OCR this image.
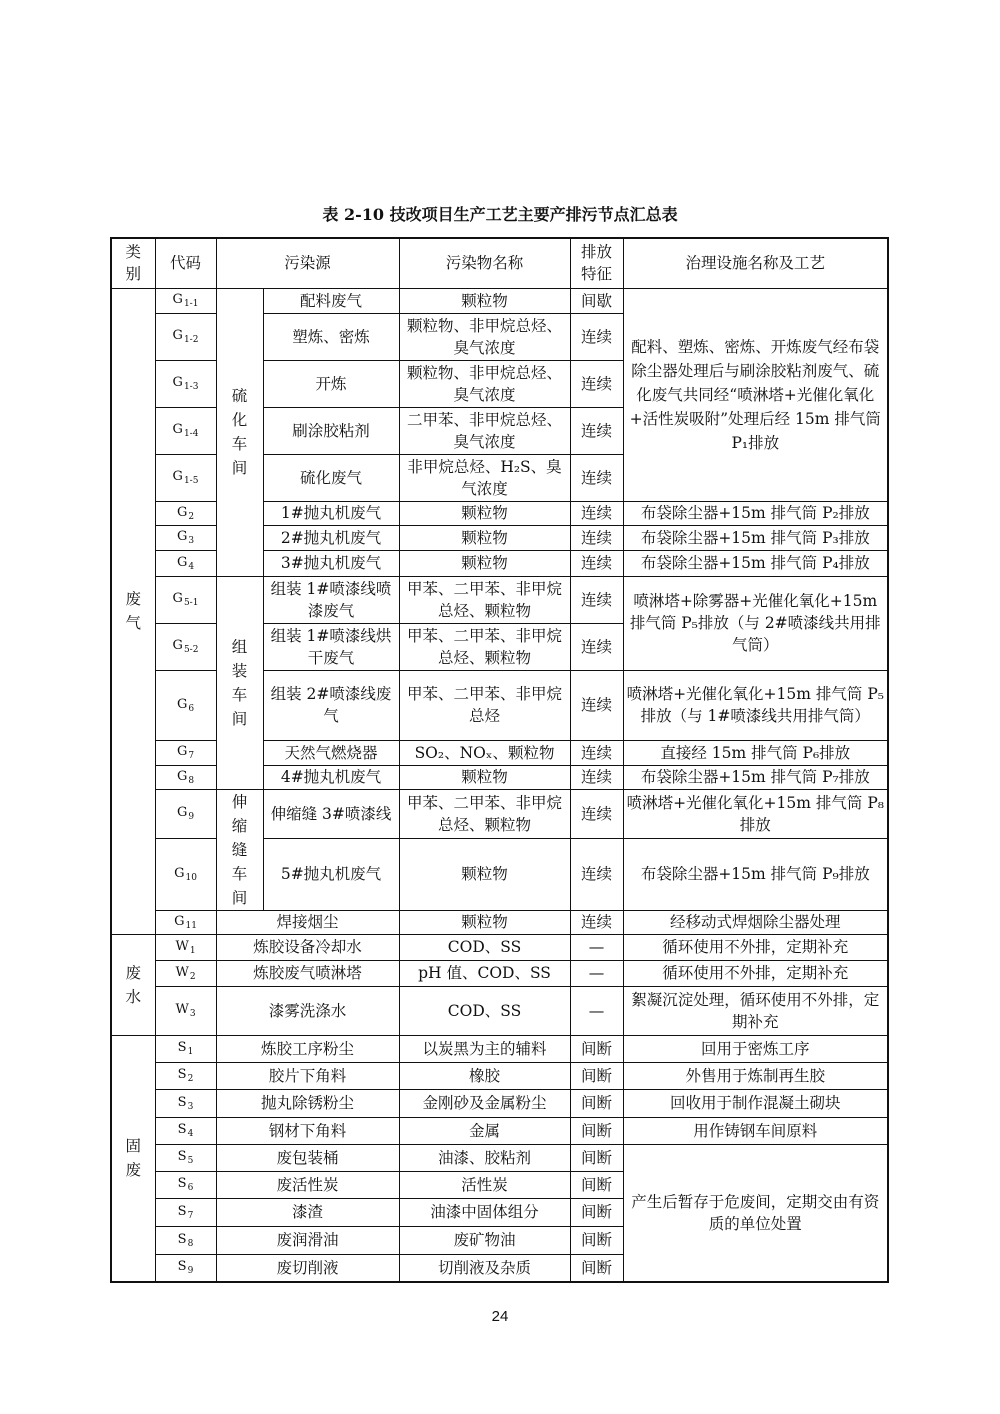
表 2-10 技改项目生产工艺主要产排污节点汇总表
类别	代码	污染源		污染物名称	排放特征	治理设施名称及工艺
废气	$G_{1-1}$	硫化车间	配料废气	颗粒物	间歇	配料、塑炼、密炼、开炼废气经布袋除尘器处理后与刷涂胶粘剂废气、硫化废气共同经“喷淋塔+光催化氧化+活性炭吸附”处理后经 15m 排气筒 P₁排放
	$G_{1-2}$		塑炼、密炼	颗粒物、非甲烷总烃、臭气浓度	连续	
	$G_{1-3}$		开炼	颗粒物、非甲烷总烃、臭气浓度	连续	
	$G_{1-4}$		刷涂胶粘剂	二甲苯、非甲烷总烃、臭气浓度	连续	
	$G_{1-5}$		硫化废气	非甲烷总烃、H₂S、臭气浓度	连续	
	$G_2$		1#抛丸机废气	颗粒物	连续	布袋除尘器+15m 排气筒 P₂排放
	$G_3$		2#抛丸机废气	颗粒物	连续	布袋除尘器+15m 排气筒 P₃排放
	$G_4$		3#抛丸机废气	颗粒物	连续	布袋除尘器+15m 排气筒 P₄排放
	$G_{5-1}$	组装车间	组装 1#喷漆线喷漆废气	甲苯、二甲苯、非甲烷总烃、颗粒物	连续	喷淋塔+除雾器+光催化氧化+15m 排气筒 P₅排放（与 2#喷漆线共用排气筒）
	$G_{5-2}$		组装 1#喷漆线烘干废气	甲苯、二甲苯、非甲烷总烃、颗粒物	连续	
	$G_6$		组装 2#喷漆线废气	甲苯、二甲苯、非甲烷总烃	连续	喷淋塔+光催化氧化+15m 排气筒 P₅排放（与 1#喷漆线共用排气筒）
	$G_7$		天然气燃烧器	SO₂、NOₓ、颗粒物	连续	直接经 15m 排气筒 P₆排放
	$G_8$		4#抛丸机废气	颗粒物	连续	布袋除尘器+15m 排气筒 P₇排放
	$G_9$	伸缩缝车间	伸缩缝 3#喷漆线	甲苯、二甲苯、非甲烷总烃、颗粒物	连续	喷淋塔+光催化氧化+15m 排气筒 P₈排放
	$G_{10}$		5#抛丸机废气	颗粒物	连续	布袋除尘器+15m 排气筒 P₉排放
	$G_{11}$	焊接烟尘		颗粒物	连续	经移动式焊烟除尘器处理
废水	$W_1$	炼胶设备冷却水		COD、SS	—	循环使用不外排，定期补充
	$W_2$	炼胶废气喷淋塔		pH 值、COD、SS	—	循环使用不外排，定期补充
	$W_3$	漆雾洗涤水		COD、SS	—	絮凝沉淀处理，循环使用不外排，定期补充
固废	$S_1$	炼胶工序粉尘		以炭黑为主的辅料	间断	回用于密炼工序
	$S_2$	胶片下角料		橡胶	间断	外售用于炼制再生胶
	$S_3$	抛丸除锈粉尘		金刚砂及金属粉尘	间断	回收用于制作混凝土砌块
	$S_4$	钢材下角料		金属	间断	用作铸钢车间原料
	$S_5$	废包装桶		油漆、胶粘剂	间断	产生后暂存于危废间，定期交由有资质的单位处置
	$S_6$	废活性炭		活性炭	间断	
	$S_7$	漆渣		油漆中固体组分	间断	
	$S_8$	废润滑油		废矿物油	间断	
	$S_9$	废切削液		切削液及杂质	间断	
24
